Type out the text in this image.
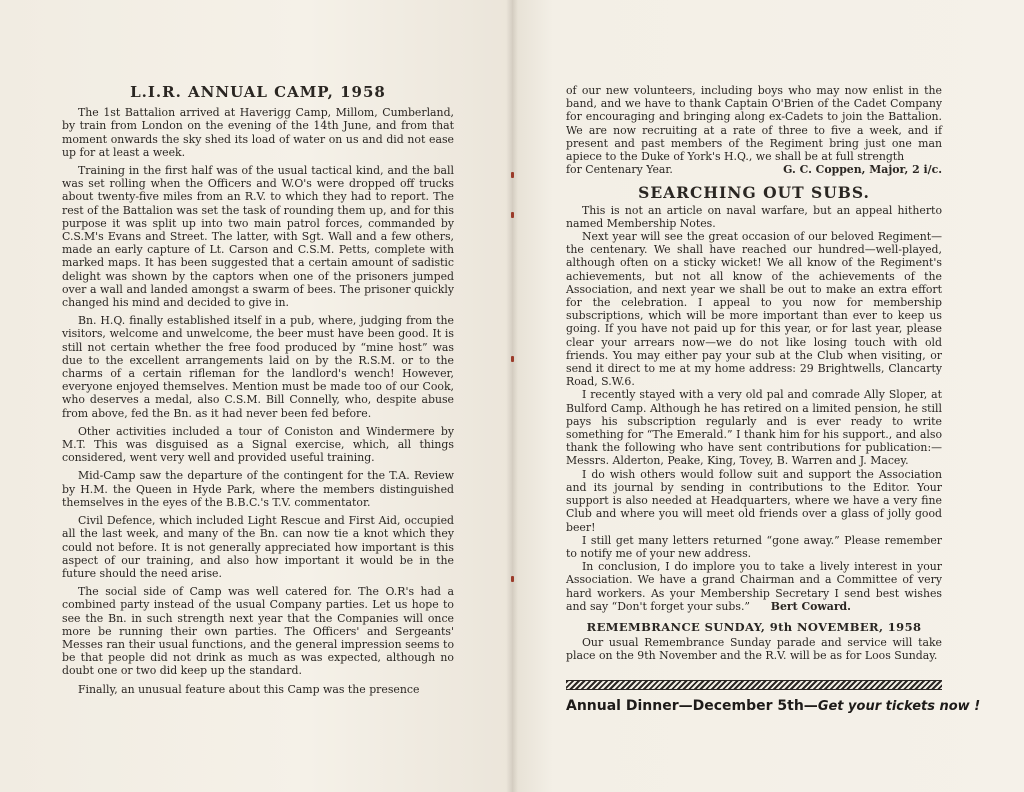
L.I.R. ANNUAL CAMP, 1958

The 1st Battalion arrived at Haverigg Camp, Millom, Cumberland, by train from London on the evening of the 14th June, and from that moment onwards the sky shed its load of water on us and did not ease up for at least a week.

Training in the first half was of the usual tactical kind, and the ball was set rolling when the Officers and W.O's were dropped off trucks about twenty-five miles from an R.V. to which they had to report. The rest of the Battalion was set the task of rounding them up, and for this purpose it was split up into two main patrol forces, commanded by C.S.M's Evans and Street. The latter, with Sgt. Wall and a few others, made an early capture of Lt. Carson and C.S.M. Petts, complete with marked maps. It has been suggested that a certain amount of sadistic delight was shown by the captors when one of the prisoners jumped over a wall and landed amongst a swarm of bees. The prisoner quickly changed his mind and decided to give in.

Bn. H.Q. finally established itself in a pub, where, judging from the visitors, welcome and unwelcome, the beer must have been good. It is still not certain whether the free food produced by “mine host” was due to the excellent arrangements laid on by the R.S.M. or to the charms of a certain rifleman for the landlord's wench! However, everyone enjoyed themselves. Mention must be made too of our Cook, who deserves a medal, also C.S.M. Bill Connelly, who, despite abuse from above, fed the Bn. as it had never been fed before.

Other activities included a tour of Coniston and Windermere by M.T. This was disguised as a Signal exercise, which, all things considered, went very well and provided useful training.

Mid-Camp saw the departure of the contingent for the T.A. Review by H.M. the Queen in Hyde Park, where the members distinguished themselves in the eyes of the B.B.C.'s T.V. commentator.

Civil Defence, which included Light Rescue and First Aid, occupied all the last week, and many of the Bn. can now tie a knot which they could not before. It is not generally appreciated how important is this aspect of our training, and also how important it would be in the future should the need arise.

The social side of Camp was well catered for. The O.R's had a combined party instead of the usual Company parties. Let us hope to see the Bn. in such strength next year that the Companies will once more be running their own parties. The Officers' and Sergeants' Messes ran their usual functions, and the general impression seems to be that people did not drink as much as was expected, although no doubt one or two did keep up the standard.

Finally, an unusual feature about this Camp was the presence

of our new volunteers, including boys who may now enlist in the band, and we have to thank Captain O'Brien of the Cadet Company for encouraging and bringing along ex-Cadets to join the Battalion. We are now recruiting at a rate of three to five a week, and if present and past members of the Regiment bring just one man apiece to the Duke of York's H.Q., we shall be at full strength

for Centenary Year.	G. C. Coppen, Major, 2 i/c.
SEARCHING OUT SUBS.

This is not an article on naval warfare, but an appeal hitherto named Membership Notes.

Next year will see the great occasion of our beloved Regiment—the centenary. We shall have reached our hundred—well-played, although often on a sticky wicket! We all know of the Regiment's achievements, but not all know of the achievements of the Association, and next year we shall be out to make an extra effort for the celebration. I appeal to you now for membership subscriptions, which will be more important than ever to keep us going. If you have not paid up for this year, or for last year, please clear your arrears now—we do not like losing touch with old friends. You may either pay your sub at the Club when visiting, or send it direct to me at my home address: 29 Brightwells, Clancarty Road, S.W.6.

I recently stayed with a very old pal and comrade Ally Sloper, at Bulford Camp. Although he has retired on a limited pension, he still pays his subscription regularly and is ever ready to write something for “The Emerald.” I thank him for his support., and also thank the following who have sent contributions for publication:— Messrs. Alderton, Peake, King, Tovey, B. Warren and J. Macey.

I do wish others would follow suit and support the Association and its journal by sending in contributions to the Editor. Your support is also needed at Headquarters, where we have a very fine Club and where you will meet old friends over a glass of jolly good beer!

I still get many letters returned “gone away.” Please remember to notify me of your new address.

In conclusion, I do implore you to take a lively interest in your Association. We have a grand Chairman and a Committee of very hard workers. As your Membership Secretary I send best wishes and say “Don't forget your subs.” Bert Coward.

REMEMBRANCE SUNDAY, 9th NOVEMBER, 1958

Our usual Remembrance Sunday parade and service will take place on the 9th November and the R.V. will be as for Loos Sunday.

Annual Dinner—December 5th—Get your tickets now !
